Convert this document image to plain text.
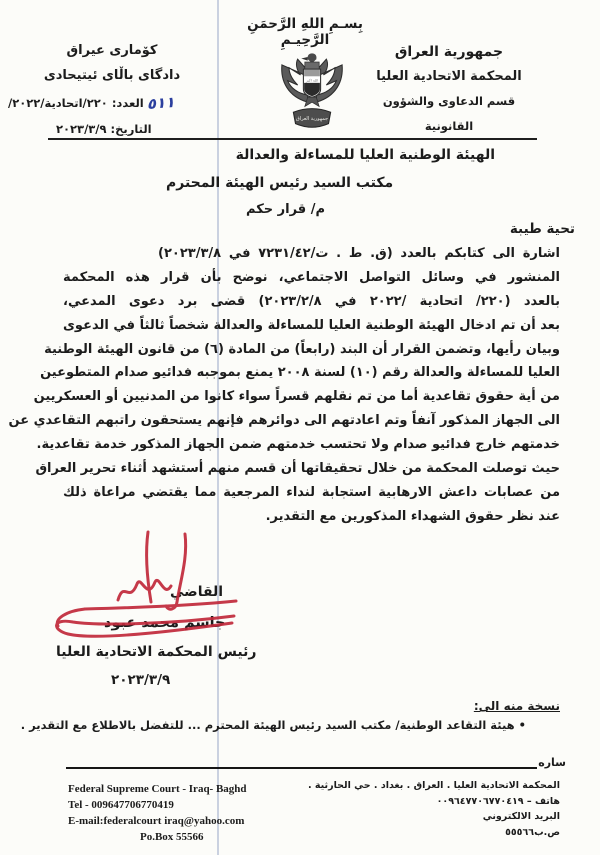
بِسـمِ اللهِ الرَّحمَنِ الرَّحِيـمِ
جمهورية العراق
المحكمة الاتحادية العليا
قسم الدعاوى والشؤون القانونية
الله اكبر
جمهورية العراق
كۆمارى عيراق
دادگاى باڵاى ئيتيحادى
العدد: ٢٢٠/اتحادية/٢٠٢٢/ ٥١١
التاريخ: ٢٠٢٣/٣/٩
الهيئة الوطنية العليا للمساءلة والعدالة
مكتب السيد رئيس الهيئة المحترم
م/ قرار حكم
تحية طيبة
اشارة الى كتابكم بالعدد (ق. ط . ت/٧٢٣١/٤٢ في ٢٠٢٣/٣/٨)
المنشور في وسائل التواصل الاجتماعي، نوضح بأن قرار هذه المحكمة
بالعدد (٢٢٠/ اتحادية /٢٠٢٢ في ٢٠٢٣/٢/٨) قضى برد دعوى المدعي،
بعد أن تم ادخال الهيئة الوطنية العليا للمساءلة والعدالة شخصاً ثالثاً في الدعوى
وبيان رأيها، وتضمن القرار أن البند (رابعاً) من المادة (٦) من قانون الهيئة الوطنية
العليا للمساءلة والعدالة رقم (١٠) لسنة ٢٠٠٨ يمنع بموجبه فدائيو صدام المتطوعين
من أية حقوق تقاعدية أما من تم نقلهم قسراً سواء كانوا من المدنيين أو العسكريين
الى الجهاز المذكور آنفاً وتم اعادتهم الى دوائرهم فإنهم يستحقون راتبهم التقاعدي عن
خدمتهم خارج فدائيو صدام ولا تحتسب خدمتهم ضمن الجهاز المذكور خدمة تقاعدية.
حيث توصلت المحكمة من خلال تحقيقاتها أن قسم منهم أستشهد أثناء تحرير العراق
من عصابات داعش الارهابية استجابة لنداء المرجعية مما يقتضي مراعاة ذلك
عند نظر حقوق الشهداء المذكورين مع التقدير.
القاضي
جاسم محمد عبود
رئيس المحكمة الاتحادية العليا
٢٠٢٣/٣/٩
نسخة منه الى:
• هيئة التقاعد الوطنية/ مكتب السيد رئيس الهيئة المحترم ... للتفضل بالاطلاع مع التقدير .
ساره
المحكمة الاتحادية العليا . العراق . بغداد . حي الحارثية .
هاتف – ٠٠٩٦٤٧٧٠٦٧٧٠٤١٩
البريد الالكتروني
ص.ب٥٥٥٦٦
Federal Supreme Court - Iraq- Baghd
Tel - 009647706770419
E-mail:federalcourt iraq@yahoo.com
Po.Box 55566
